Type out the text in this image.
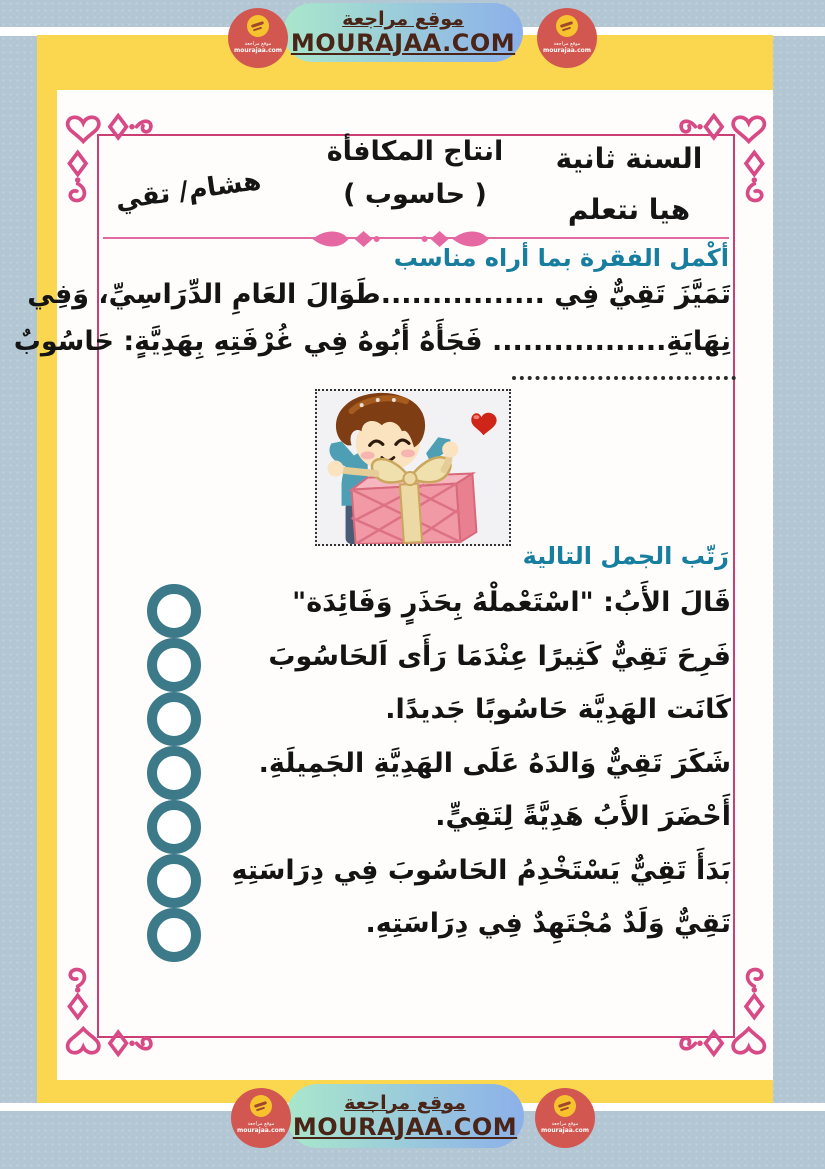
موقع مراجعة
MOURAJAA.COM
موقع مراجعة
mourajaa.com
موقع مراجعة
mourajaa.com
السنة ثانية
هيا نتعلم
انتاج المكافأة
( حاسوب )
هشام/ تقي
أكْمل الفقرة بما أراه مناسب
تَمَيَّزَ تَقِيٌّ فِي ................طَوَالَ العَامِ الدِّرَاسِيِّ، وَفِي
نِهَايَةِ................. فَجَأَهُ أَبُوهُ فِي غُرْفَتِهِ بِهَدِيَّةٍ: حَاسُوبٌ
رَتّب الجمل التالية
قَالَ الأَبُ: "اسْتَعْملْهُ بِحَذَرٍ وَفَائِدَة"
فَرِحَ تَقِيٌّ كَثِيرًا عِنْدَمَا رَأَى اَلحَاسُوبَ
كَانَت الهَدِيَّة حَاسُوبًا جَديدًا.
شَكَرَ تَقِيٌّ وَالدَهُ عَلَى الهَدِيَّةِ الجَمِيلَةِ.
أَحْضَرَ الأَبُ هَدِيَّةً لِتَقِيٍّ.
بَدَأَ تَقِيٌّ يَسْتَخْدِمُ الحَاسُوبَ فِي دِرَاسَتِهِ
تَقِيٌّ وَلَدٌ مُجْتَهِدٌ فِي دِرَاسَتِهِ.
موقع مراجعة
MOURAJAA.COM
موقع مراجعة
mourajaa.com
موقع مراجعة
mourajaa.com
